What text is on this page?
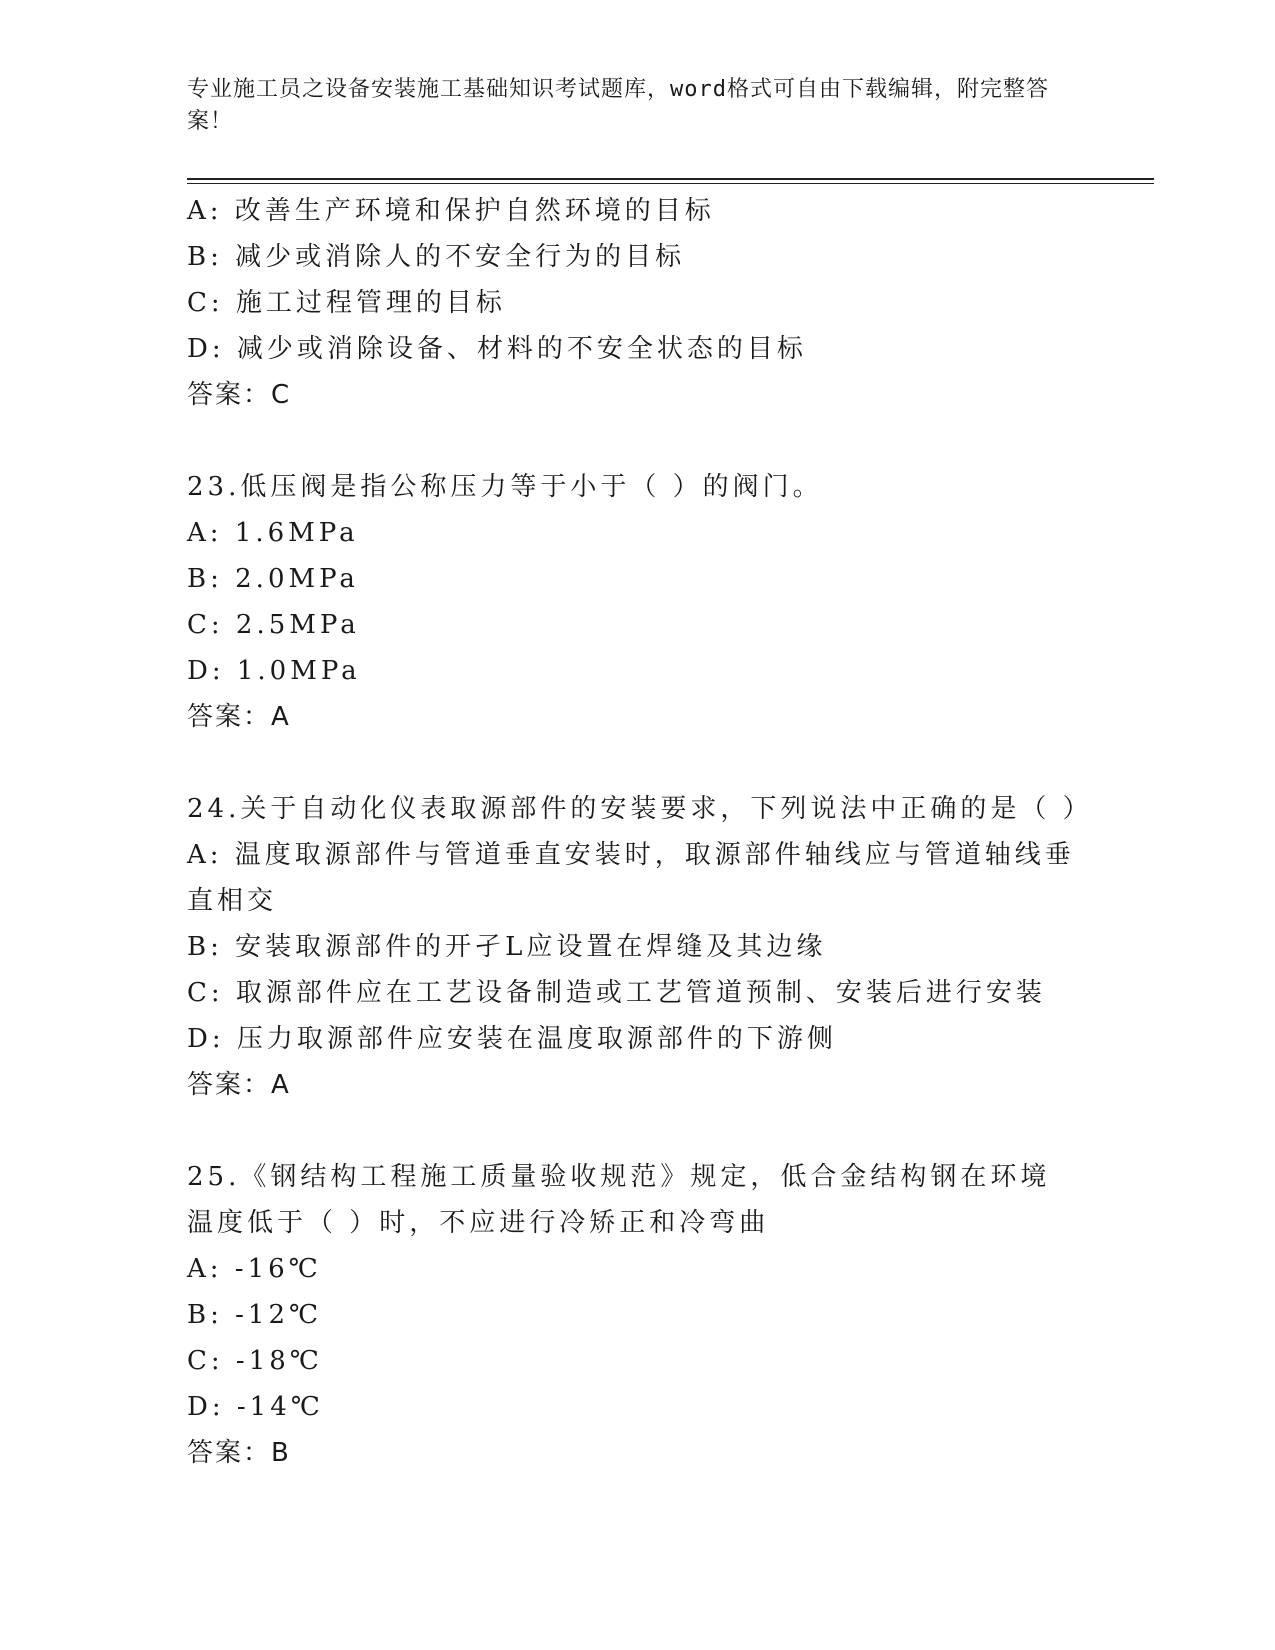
专业施工员之设备安装施工基础知识考试题库，word格式可自由下载编辑，附完整答案！

A: 改善生产环境和保护自然环境的目标

B: 减少或消除人的不安全行为的目标

C: 施工过程管理的目标

D: 减少或消除设备、材料的不安全状态的目标

答案：C

23.低压阀是指公称压力等于小于（ ）的阀门。

A: 1.6MPa

B: 2.0MPa

C: 2.5MPa

D: 1.0MPa

答案：A

24.关于自动化仪表取源部件的安装要求，下列说法中正确的是（ ）

A: 温度取源部件与管道垂直安装时，取源部件轴线应与管道轴线垂直相交

B: 安装取源部件的开孑L应设置在焊缝及其边缘

C: 取源部件应在工艺设备制造或工艺管道预制、安装后进行安装

D: 压力取源部件应安装在温度取源部件的下游侧

答案：A

25.《钢结构工程施工质量验收规范》规定，低合金结构钢在环境温度低于（ ）时，不应进行冷矫正和冷弯曲

A: -16℃

B: -12℃

C: -18℃

D: -14℃

答案：B
